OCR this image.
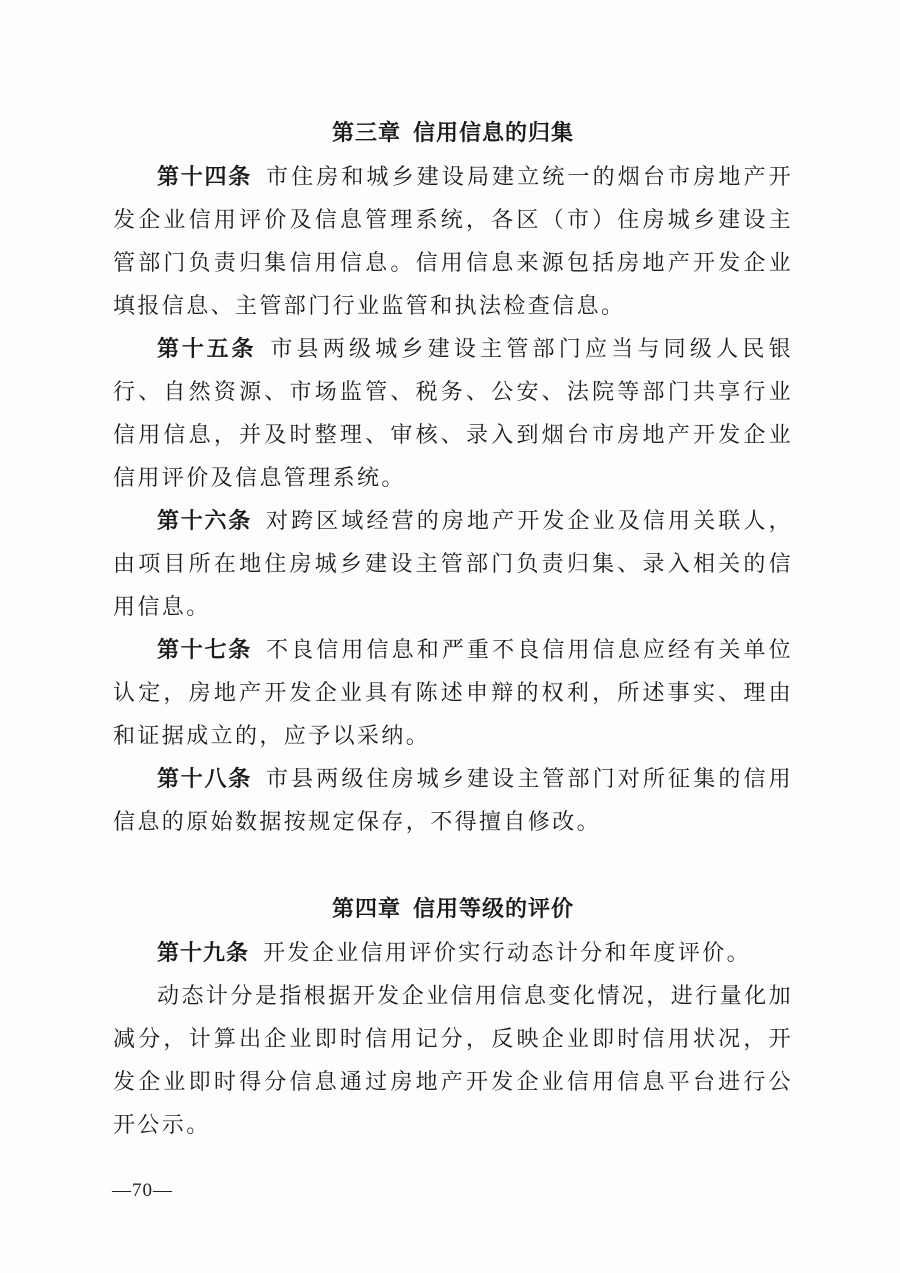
第三章 信用信息的归集

第十四条 市住房和城乡建设局建立统一的烟台市房地产开发企业信用评价及信息管理系统，各区（市）住房城乡建设主管部门负责归集信用信息。信用信息来源包括房地产开发企业填报信息、主管部门行业监管和执法检查信息。

第十五条 市县两级城乡建设主管部门应当与同级人民银行、自然资源、市场监管、税务、公安、法院等部门共享行业信用信息，并及时整理、审核、录入到烟台市房地产开发企业信用评价及信息管理系统。

第十六条 对跨区域经营的房地产开发企业及信用关联人，由项目所在地住房城乡建设主管部门负责归集、录入相关的信用信息。

第十七条 不良信用信息和严重不良信用信息应经有关单位认定，房地产开发企业具有陈述申辩的权利，所述事实、理由和证据成立的，应予以采纳。

第十八条 市县两级住房城乡建设主管部门对所征集的信用信息的原始数据按规定保存，不得擅自修改。

第四章 信用等级的评价

第十九条 开发企业信用评价实行动态计分和年度评价。

动态计分是指根据开发企业信用信息变化情况，进行量化加减分，计算出企业即时信用记分，反映企业即时信用状况，开发企业即时得分信息通过房地产开发企业信用信息平台进行公开公示。

—70—
